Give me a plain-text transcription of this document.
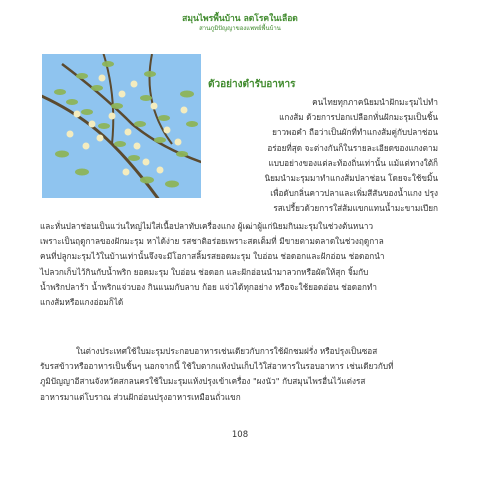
สมุนไพรพื้นบ้าน ลดโรคในเลือด
สานภูมิปัญญาของแพทย์พื้นบ้าน
ตัวอย่างตำรับอาหาร
คนไทยทุกภาคนิยมนำฝักมะรุมไปทำ
แกงส้ม ด้วยการปอกเปลือกหั่นฝักมะรุมเป็นชิ้น
ยาวพอคำ ถือว่าเป็นผักที่ทำแกงส้มคู่กับปลาช่อน
อร่อยที่สุด จะต่างกันก็ในรายละเอียดของแกงตาม
แบบอย่างของแต่ละท้องถิ่นเท่านั้น แม้แต่ทางใต้ก็
นิยมนำมะรุมมาทำแกงส้มปลาช่อน โดยจะใช้ขมิ้น
เพื่อดับกลิ่นคาวปลาและเพิ่มสีสันของน้ำแกง ปรุง
รสเปรี้ยวด้วยการใส่ส้มแขกแทนน้ำมะขามเปียก
และหั่นปลาช่อนเป็นแว่นใหญ่ไม่ใส่เนื้อปลาทับเครื่องแกง ผู้เฒ่าผู้แก่นิยมกินมะรุมในช่วงต้นหนาว
เพราะเป็นฤดูกาลของฝักมะรุม หาได้ง่าย รสชาติอร่อยเพราะสดเต็มที่ มีขายตามตลาดในช่วงฤดูกาล
คนที่ปลูกมะรุมไว้ในบ้านเท่านั้นจึงจะมีโอกาสลิ้มรสยอดมะรุม ใบอ่อน ช่อดอกและฝักอ่อน ช่อดอกนำ
ไปลวกเก็บไว้กินกับน้ำพริก ยอดมะรุม ใบอ่อน ช่อดอก และฝักอ่อนนำมาลวกหรือผัดให้สุก จิ้มกับ
น้ำพริกปลาร้า น้ำพริกแจ่วบอง กินแนมกับลาบ ก้อย แจ่วได้ทุกอย่าง หรือจะใช้ยอดอ่อน ช่อดอกทำ
แกงส้มหรือแกงอ่อมก็ได้
ในต่างประเทศใช้ใบมะรุมประกอบอาหารเช่นเดียวกับการใช้ผักชมฝรั่ง หรือปรุงเป็นซอส
รับรสข้าวหรืออาหารเป็นชิ้นๆ นอกจากนี้ ใช้ใบตากแห้งป่นเก็บไว้ใส่อาหารในรอบอาหาร เช่นเดียวกับที่
ภูมิปัญญาอีสานจังหวัดสกลนครใช้ใบมะรุมแห้งปรุงเข้าเครื่อง "ผงนัว" กับสมุนไพรอื่นไว้แต่งรส
อาหารมาแต่โบราณ ส่วนฝักอ่อนปรุงอาหารเหมือนถั่วแขก
108
